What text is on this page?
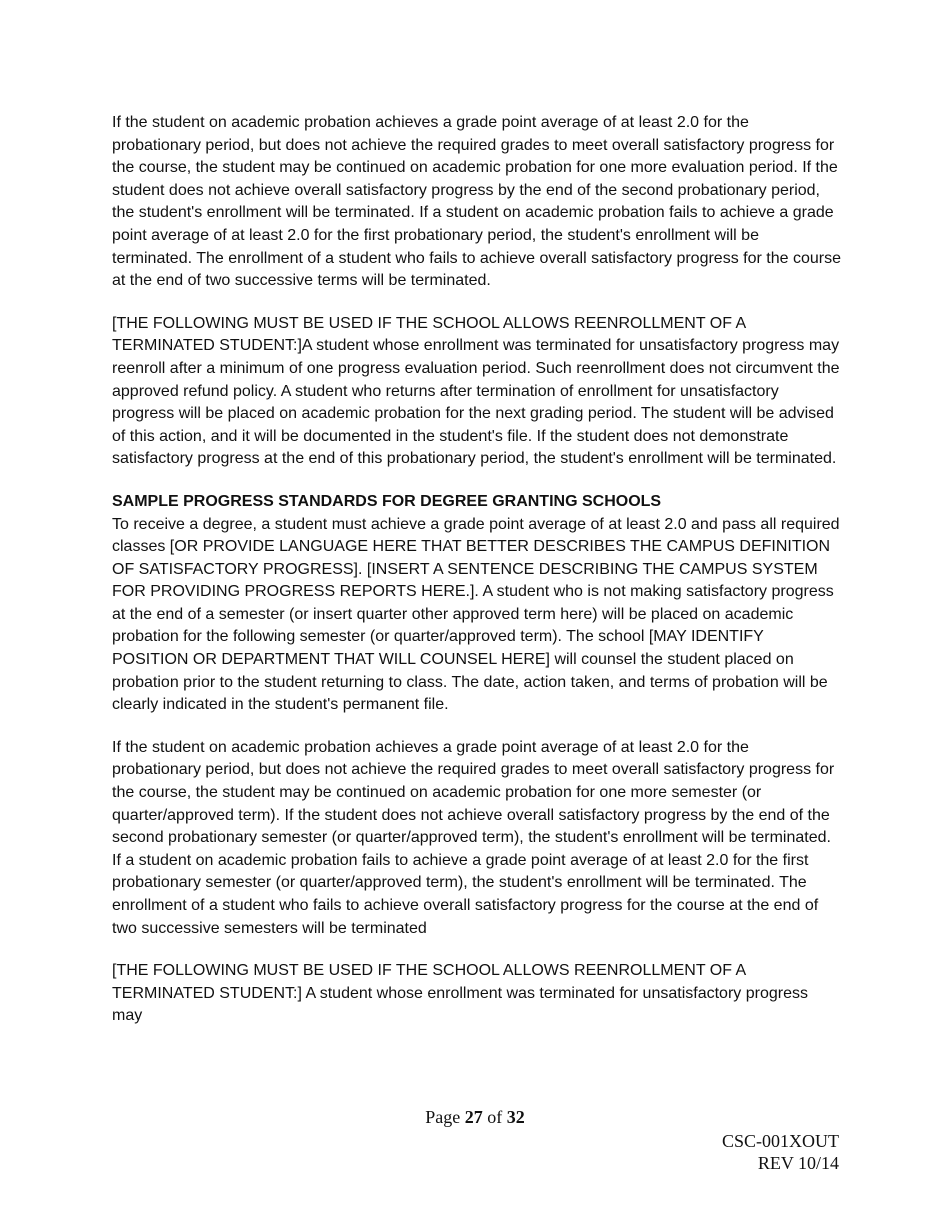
If the student on academic probation achieves a grade point average of at least 2.0 for the probationary period, but does not achieve the required grades to meet overall satisfactory progress for the course, the student may be continued on academic probation for one more evaluation period. If the student does not achieve overall satisfactory progress by the end of the second probationary period, the student's enrollment will be terminated. If a student on academic probation fails to achieve a grade point average of at least 2.0 for the first probationary period, the student's enrollment will be terminated. The enrollment of a student who fails to achieve overall satisfactory progress for the course at the end of two successive terms will be terminated.

[THE FOLLOWING MUST BE USED IF THE SCHOOL ALLOWS REENROLLMENT OF A TERMINATED STUDENT:]A student whose enrollment was terminated for unsatisfactory progress may reenroll after a minimum of one progress evaluation period. Such reenrollment does not circumvent the approved refund policy. A student who returns after termination of enrollment for unsatisfactory progress will be placed on academic probation for the next grading period. The student will be advised of this action, and it will be documented in the student's file. If the student does not demonstrate satisfactory progress at the end of this probationary period, the student's enrollment will be terminated.

SAMPLE PROGRESS STANDARDS FOR DEGREE GRANTING SCHOOLS

To receive a degree, a student must achieve a grade point average of at least 2.0 and pass all required classes [OR PROVIDE LANGUAGE HERE THAT BETTER DESCRIBES THE CAMPUS DEFINITION OF SATISFACTORY PROGRESS]. [INSERT A SENTENCE DESCRIBING THE CAMPUS SYSTEM FOR PROVIDING PROGRESS REPORTS HERE.]. A student who is not making satisfactory progress at the end of a semester (or insert quarter other approved term here) will be placed on academic probation for the following semester (or quarter/approved term). The school [MAY IDENTIFY POSITION OR DEPARTMENT THAT WILL COUNSEL HERE] will counsel the student placed on probation prior to the student returning to class. The date, action taken, and terms of probation will be clearly indicated in the student's permanent file.

If the student on academic probation achieves a grade point average of at least 2.0 for the probationary period, but does not achieve the required grades to meet overall satisfactory progress for the course, the student may be continued on academic probation for one more semester (or quarter/approved term). If the student does not achieve overall satisfactory progress by the end of the second probationary semester (or quarter/approved term), the student's enrollment will be terminated. If a student on academic probation fails to achieve a grade point average of at least 2.0 for the first probationary semester (or quarter/approved term), the student's enrollment will be terminated. The enrollment of a student who fails to achieve overall satisfactory progress for the course at the end of two successive semesters will be terminated

[THE FOLLOWING MUST BE USED IF THE SCHOOL ALLOWS REENROLLMENT OF A TERMINATED STUDENT:] A student whose enrollment was terminated for unsatisfactory progress may

Page 27 of 32
CSC-001XOUT
REV 10/14
